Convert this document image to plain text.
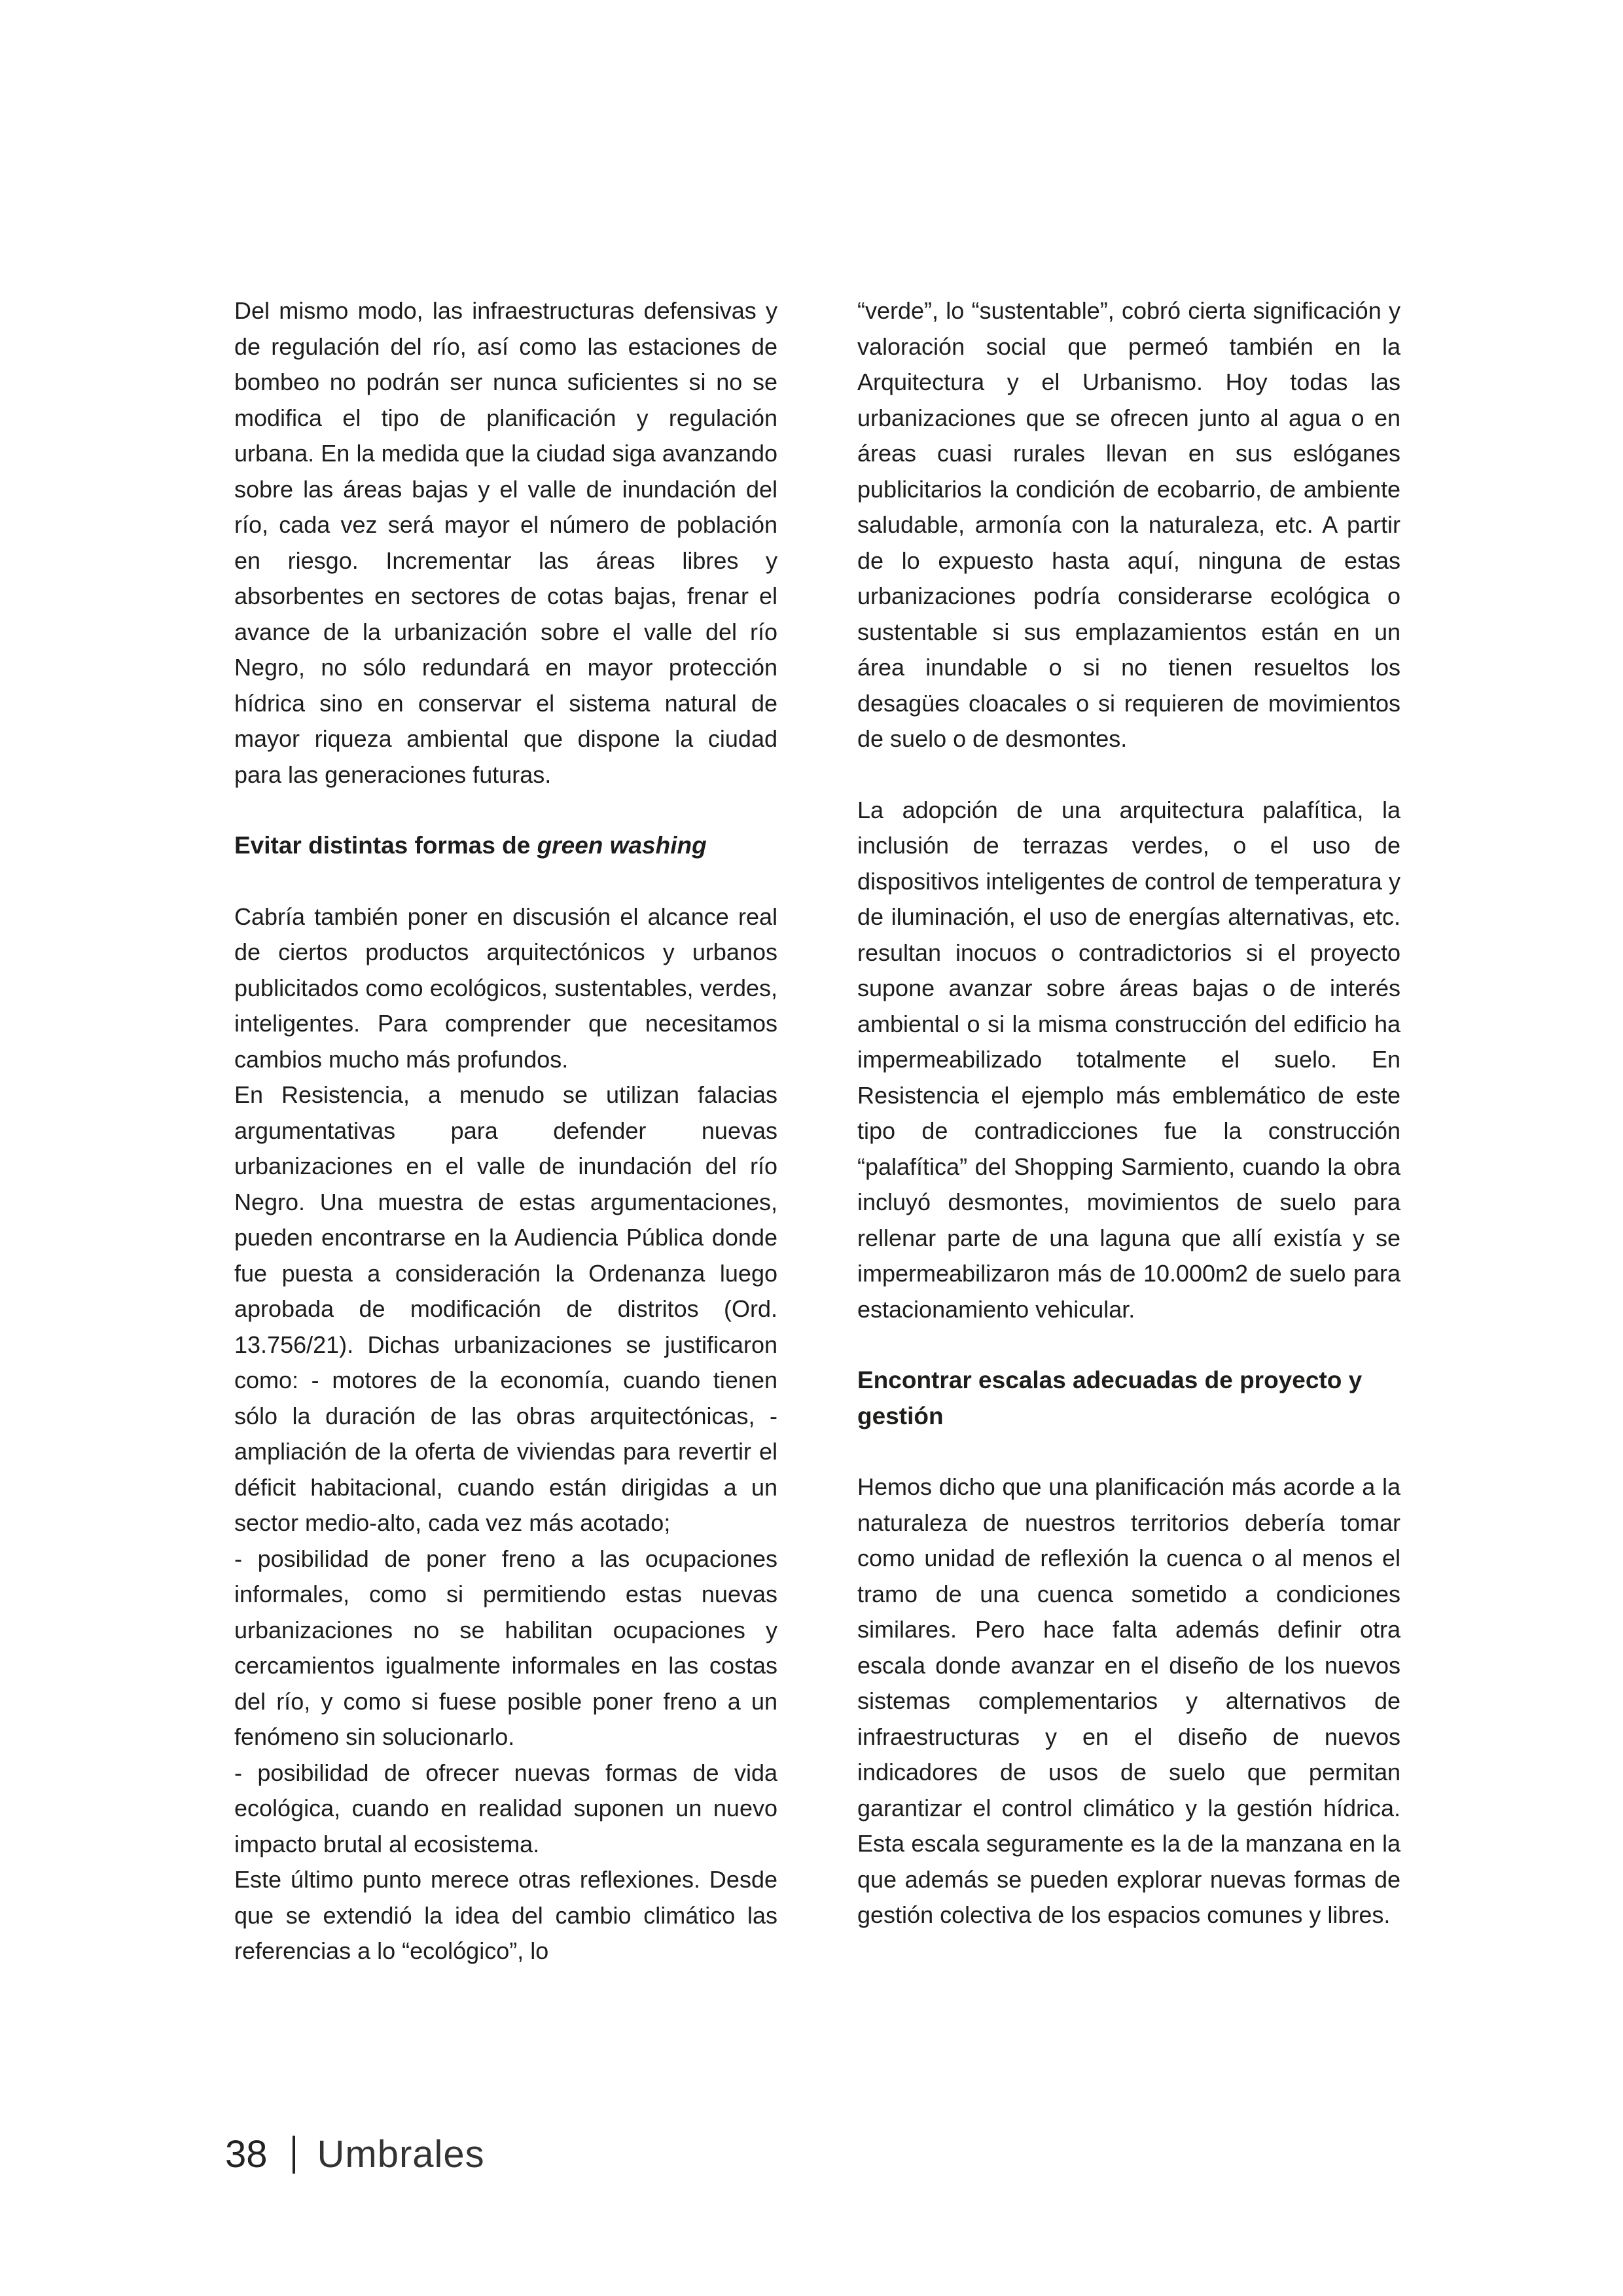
Del mismo modo, las infraestructuras defensivas y de regulación del río, así como las estaciones de bombeo no podrán ser nunca suficientes si no se modifica el tipo de planificación y regulación urbana. En la medida que la ciudad siga avanzando sobre las áreas bajas y el valle de inundación del río, cada vez será mayor el número de población en riesgo. Incrementar las áreas libres y absorbentes en sectores de cotas bajas, frenar el avance de la urbanización sobre el valle del río Negro, no sólo redundará en mayor protección hídrica sino en conservar el sistema natural de mayor riqueza ambiental que dispone la ciudad para las generaciones futuras.

Evitar distintas formas de green washing

Cabría también poner en discusión el alcance real de ciertos productos arquitectónicos y urbanos publicitados como ecológicos, sustentables, verdes, inteligentes. Para comprender que necesitamos cambios mucho más profundos.

En Resistencia, a menudo se utilizan falacias argumentativas para defender nuevas urbanizaciones en el valle de inundación del río Negro. Una muestra de estas argumentaciones, pueden encontrarse en la Audiencia Pública donde fue puesta a consideración la Ordenanza luego aprobada de modificación de distritos (Ord. 13.756/21). Dichas urbanizaciones se justificaron como: - motores de la economía, cuando tienen sólo la duración de las obras arquitectónicas, - ampliación de la oferta de viviendas para revertir el déficit habitacional, cuando están dirigidas a un sector medio-alto, cada vez más acotado;

- posibilidad de poner freno a las ocupaciones informales, como si permitiendo estas nuevas urbanizaciones no se habilitan ocupaciones y cercamientos igualmente informales en las costas del río, y como si fuese posible poner freno a un fenómeno sin solucionarlo.

- posibilidad de ofrecer nuevas formas de vida ecológica, cuando en realidad suponen un nuevo impacto brutal al ecosistema.

Este último punto merece otras reflexiones. Desde que se extendió la idea del cambio climático las referencias a lo “ecológico”, lo

“verde”, lo “sustentable”, cobró cierta significación y valoración social que permeó también en la Arquitectura y el Urbanismo. Hoy todas las urbanizaciones que se ofrecen junto al agua o en áreas cuasi rurales llevan en sus eslóganes publicitarios la condición de ecobarrio, de ambiente saludable, armonía con la naturaleza, etc. A partir de lo expuesto hasta aquí, ninguna de estas urbanizaciones podría considerarse ecológica o sustentable si sus emplazamientos están en un área inundable o si no tienen resueltos los desagües cloacales o si requieren de movimientos de suelo o de desmontes.

La adopción de una arquitectura palafítica, la inclusión de terrazas verdes, o el uso de dispositivos inteligentes de control de temperatura y de iluminación, el uso de energías alternativas, etc. resultan inocuos o contradictorios si el proyecto supone avanzar sobre áreas bajas o de interés ambiental o si la misma construcción del edificio ha impermeabilizado totalmente el suelo. En Resistencia el ejemplo más emblemático de este tipo de contradicciones fue la construcción “palafítica” del Shopping Sarmiento, cuando la obra incluyó desmontes, movimientos de suelo para rellenar parte de una laguna que allí existía y se impermeabilizaron más de 10.000m2 de suelo para estacionamiento vehicular.

Encontrar escalas adecuadas de proyecto y gestión

Hemos dicho que una planificación más acorde a la naturaleza de nuestros territorios debería tomar como unidad de reflexión la cuenca o al menos el tramo de una cuenca sometido a condiciones similares. Pero hace falta además definir otra escala donde avanzar en el diseño de los nuevos sistemas complementarios y alternativos de infraestructuras y en el diseño de nuevos indicadores de usos de suelo que permitan garantizar el control climático y la gestión hídrica. Esta escala seguramente es la de la manzana en la que además se pueden explorar nuevas formas de gestión colectiva de los espacios comunes y libres.

38 Umbrales
